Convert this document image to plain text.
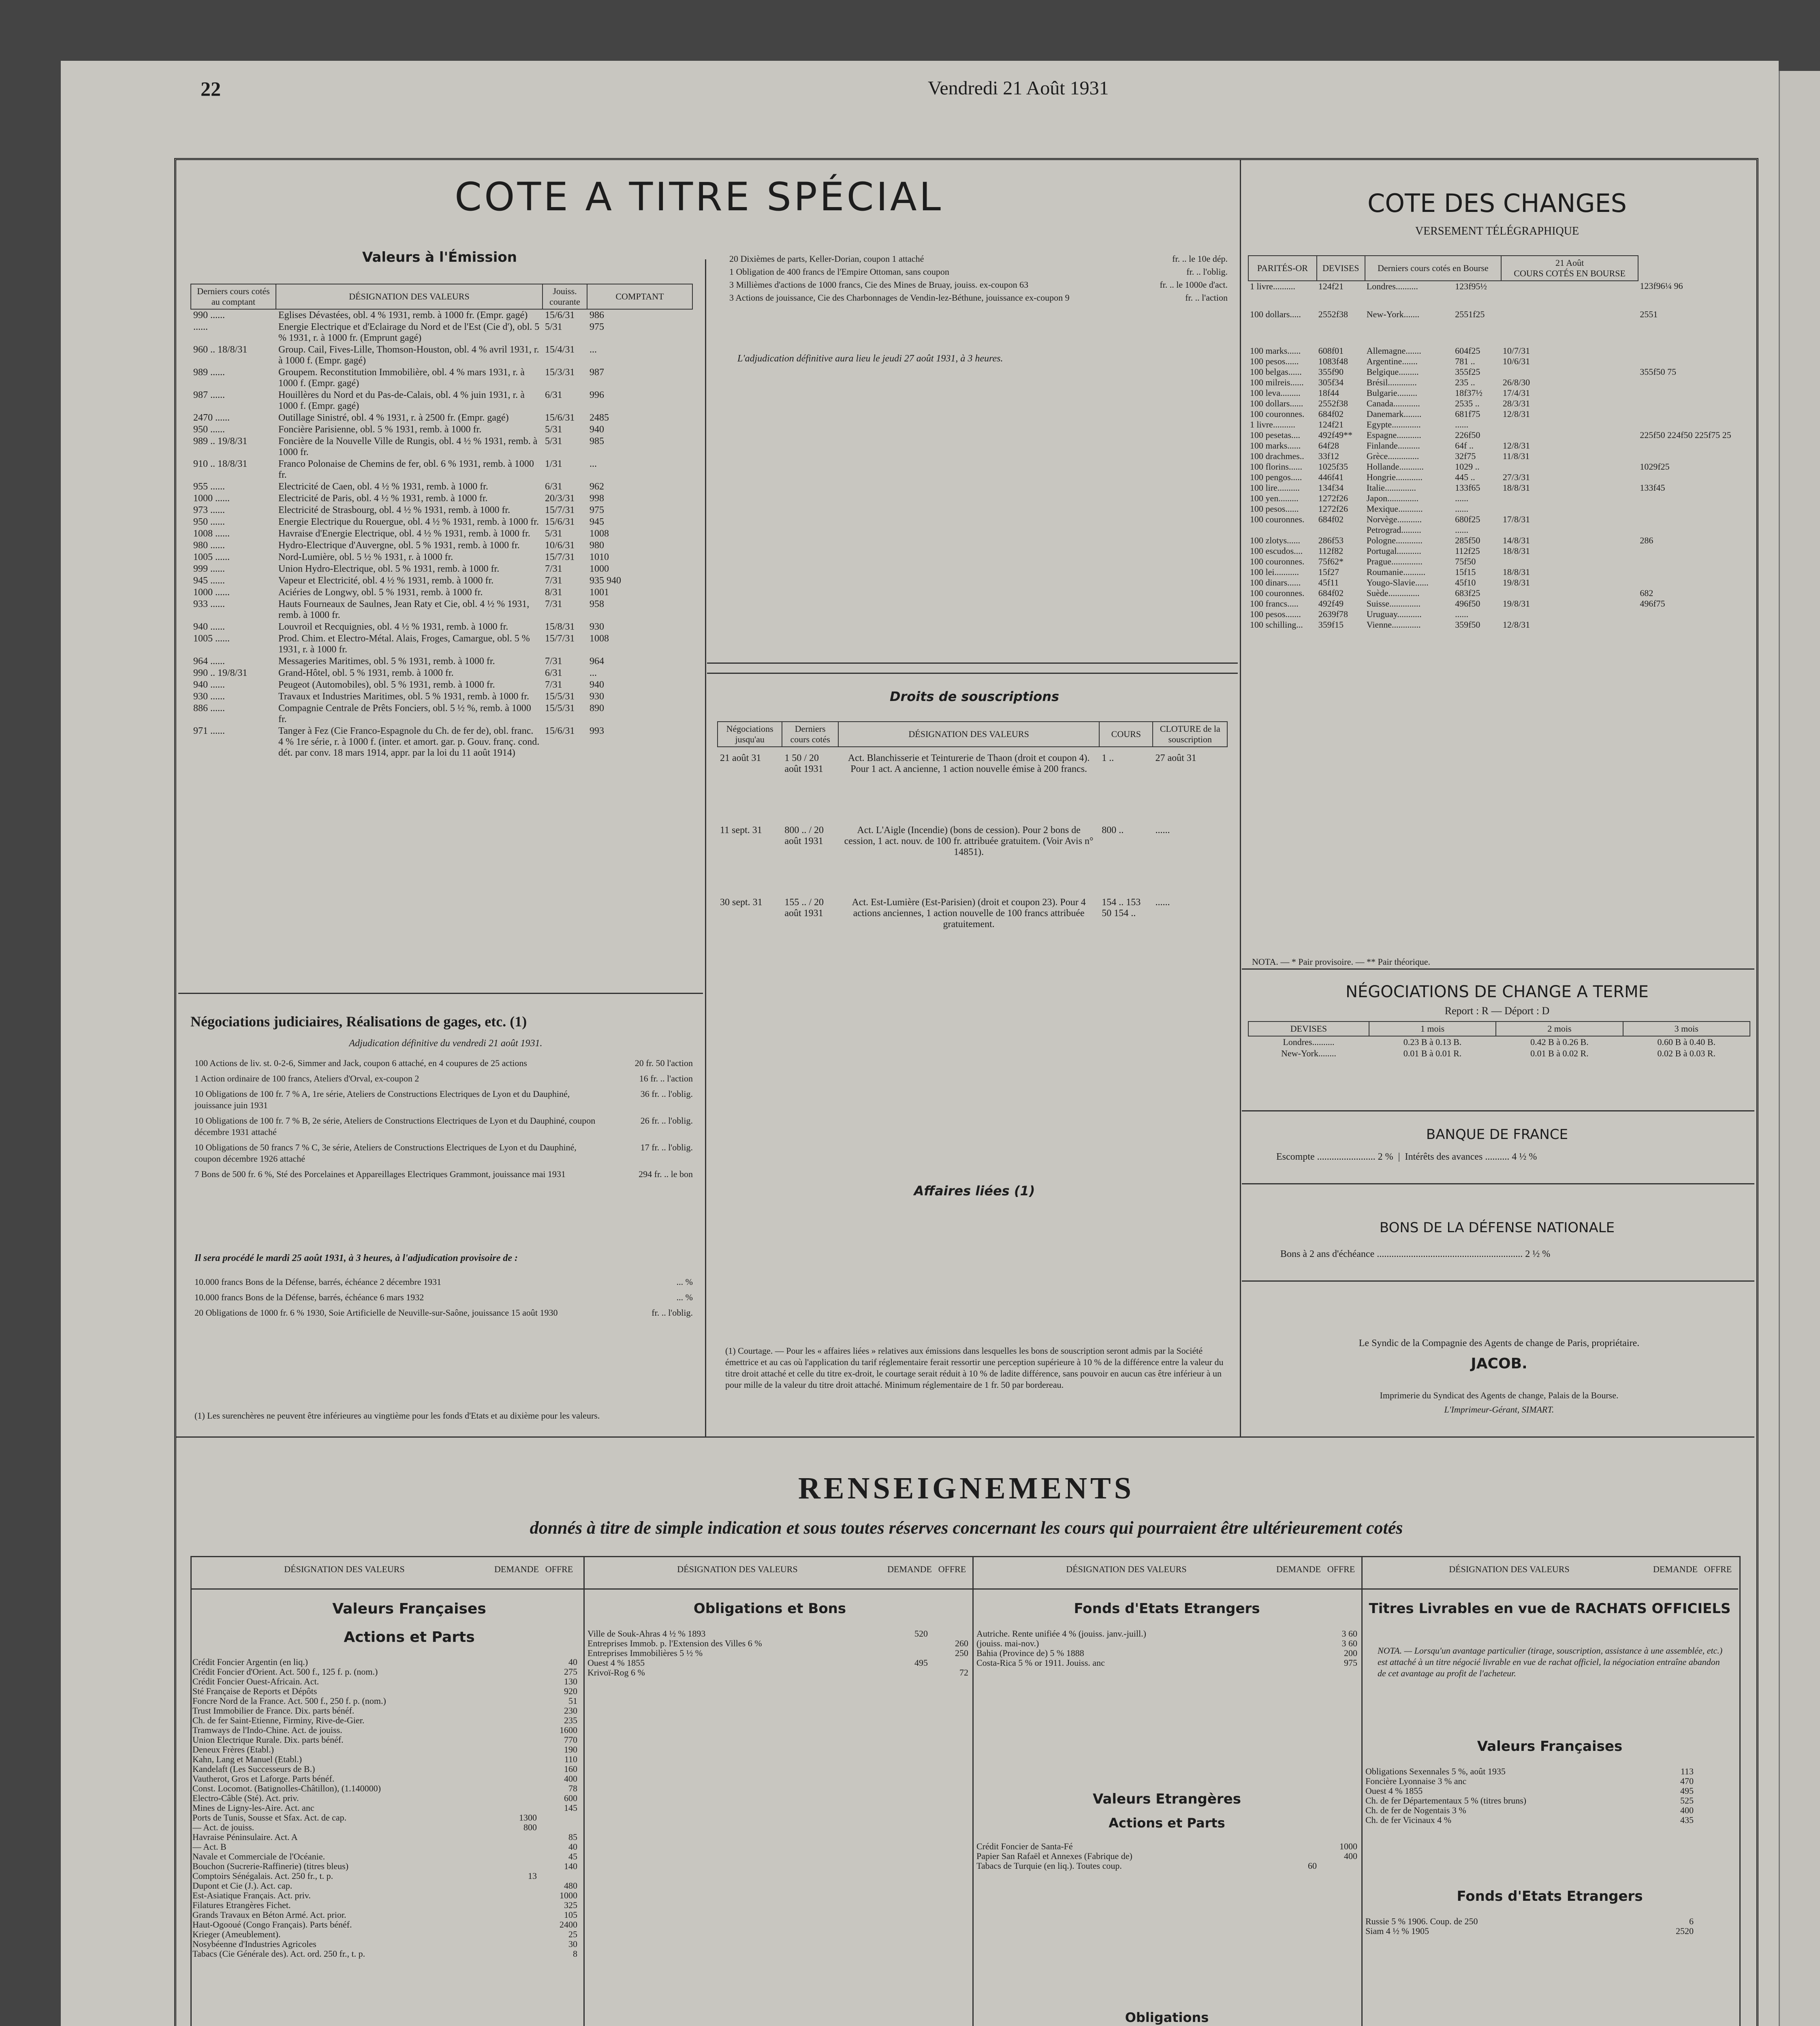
22	Vendredi 21 Août 1931
COTE A TITRE SPÉCIAL
Valeurs à l'Émission
Derniers cours cotés au comptant	DÉSIGNATION DES VALEURS	Jouiss. courante	COMPTANT
990 ......	Eglises Dévastées, obl. 4 % 1931, remb. à 1000 fr. (Empr. gagé)	15/6/31	986
......	Energie Electrique et d'Eclairage du Nord et de l'Est (Cie d'), obl. 5 % 1931, r. à 1000 fr. (Emprunt gagé)	5/31	975
960 .. 18/8/31	Group. Cail, Fives-Lille, Thomson-Houston, obl. 4 % avril 1931, r. à 1000 f. (Empr. gagé)	15/4/31	...
989 ......	Groupem. Reconstitution Immobilière, obl. 4 % mars 1931, r. à 1000 f. (Empr. gagé)	15/3/31	987
987 ......	Houillères du Nord et du Pas-de-Calais, obl. 4 % juin 1931, r. à 1000 f. (Empr. gagé)	6/31	996
2470 ......	Outillage Sinistré, obl. 4 % 1931, r. à 2500 fr. (Empr. gagé)	15/6/31	2485
950 ......	Foncière Parisienne, obl. 5 % 1931, remb. à 1000 fr.	5/31	940
989 .. 19/8/31	Foncière de la Nouvelle Ville de Rungis, obl. 4 ½ % 1931, remb. à 1000 fr.	5/31	985
910 .. 18/8/31	Franco Polonaise de Chemins de fer, obl. 6 % 1931, remb. à 1000 fr.	1/31	...
955 ......	Electricité de Caen, obl. 4 ½ % 1931, remb. à 1000 fr.	6/31	962
1000 ......	Electricité de Paris, obl. 4 ½ % 1931, remb. à 1000 fr.	20/3/31	998
973 ......	Electricité de Strasbourg, obl. 4 ½ % 1931, remb. à 1000 fr.	15/7/31	975
950 ......	Energie Electrique du Rouergue, obl. 4 ½ % 1931, remb. à 1000 fr.	15/6/31	945
1008 ......	Havraise d'Energie Electrique, obl. 4 ½ % 1931, remb. à 1000 fr.	5/31	1008
980 ......	Hydro-Electrique d'Auvergne, obl. 5 % 1931, remb. à 1000 fr.	10/6/31	980
1005 ......	Nord-Lumière, obl. 5 ½ % 1931, r. à 1000 fr.	15/7/31	1010
999 ......	Union Hydro-Electrique, obl. 5 % 1931, remb. à 1000 fr.	7/31	1000
945 ......	Vapeur et Electricité, obl. 4 ½ % 1931, remb. à 1000 fr.	7/31	935 940
1000 ......	Aciéries de Longwy, obl. 5 % 1931, remb. à 1000 fr.	8/31	1001
933 ......	Hauts Fourneaux de Saulnes, Jean Raty et Cie, obl. 4 ½ % 1931, remb. à 1000 fr.	7/31	958
940 ......	Louvroil et Recquignies, obl. 4 ½ % 1931, remb. à 1000 fr.	15/8/31	930
1005 ......	Prod. Chim. et Electro-Métal. Alais, Froges, Camargue, obl. 5 % 1931, r. à 1000 fr.	15/7/31	1008
964 ......	Messageries Maritimes, obl. 5 % 1931, remb. à 1000 fr.	7/31	964
990 .. 19/8/31	Grand-Hôtel, obl. 5 % 1931, remb. à 1000 fr.	6/31	...
940 ......	Peugeot (Automobiles), obl. 5 % 1931, remb. à 1000 fr.	7/31	940
930 ......	Travaux et Industries Maritimes, obl. 5 % 1931, remb. à 1000 fr.	15/5/31	930
886 ......	Compagnie Centrale de Prêts Fonciers, obl. 5 ½ %, remb. à 1000 fr.	15/5/31	890
971 ......	Tanger à Fez (Cie Franco-Espagnole du Ch. de fer de), obl. franc. 4 % 1re série, r. à 1000 f. (inter. et amort. gar. p. Gouv. franç. cond. dét. par conv. 18 mars 1914, appr. par la loi du 11 août 1914)	15/6/31	993
20 Dixièmes de parts, Keller-Dorian, coupon 1 attaché	fr. .. le 10e dép.
1 Obligation de 400 francs de l'Empire Ottoman, sans coupon	fr. .. l'oblig.
3 Millièmes d'actions de 1000 francs, Cie des Mines de Bruay, jouiss. ex-coupon 63	fr. .. le 1000e d'act.
3 Actions de jouissance, Cie des Charbonnages de Vendin-lez-Béthune, jouissance ex-coupon 9	fr. .. l'action
L'adjudication définitive aura lieu le jeudi 27 août 1931, à 3 heures.
Négociations judiciaires, Réalisations de gages, etc. (1)
Adjudication définitive du vendredi 21 août 1931.
100 Actions de liv. st. 0-2-6, Simmer and Jack, coupon 6 attaché, en 4 coupures de 25 actions	20 fr. 50 l'action
1 Action ordinaire de 100 francs, Ateliers d'Orval, ex-coupon 2	16 fr. .. l'action
10 Obligations de 100 fr. 7 % A, 1re série, Ateliers de Constructions Electriques de Lyon et du Dauphiné, jouissance juin 1931
36 fr. .. l'oblig.
10 Obligations de 100 fr. 7 % B, 2e série, Ateliers de Constructions Electriques de Lyon et du Dauphiné, coupon décembre 1931 attaché
26 fr. .. l'oblig.
10 Obligations de 50 francs 7 % C, 3e série, Ateliers de Constructions Electriques de Lyon et du Dauphiné, coupon décembre 1926 attaché
17 fr. .. l'oblig.
7 Bons de 500 fr. 6 %, Sté des Porcelaines et Appareillages Electriques Grammont, jouissance mai 1931	294 fr. .. le bon
Il sera procédé le mardi 25 août 1931, à 3 heures, à l'adjudication provisoire de :
10.000 francs Bons de la Défense, barrés, échéance 2 décembre 1931	... %
10.000 francs Bons de la Défense, barrés, échéance 6 mars 1932	... %
20 Obligations de 1000 fr. 6 % 1930, Soie Artificielle de Neuville-sur-Saône, jouissance 15 août 1930	fr. .. l'oblig.
(1) Les surenchères ne peuvent être inférieures au vingtième pour les fonds d'Etats et au dixième pour les valeurs.
Droits de souscriptions
Négociations jusqu'au	Derniers cours cotés	DÉSIGNATION DES VALEURS	COURS	CLOTURE de la souscription
21 août 31	1 50 / 20 août 1931	Act. Blanchisserie et Teinturerie de Thaon (droit et coupon 4). Pour 1 act. A ancienne, 1 action nouvelle émise à 200 francs.	1 ..	27 août 31
11 sept. 31	800 .. / 20 août 1931	Act. L'Aigle (Incendie) (bons de cession). Pour 2 bons de cession, 1 act. nouv. de 100 fr. attribuée gratuitem. (Voir Avis n° 14851).	800 ..	......
30 sept. 31	155 .. / 20 août 1931	Act. Est-Lumière (Est-Parisien) (droit et coupon 23). Pour 4 actions anciennes, 1 action nouvelle de 100 francs attribuée gratuitement.	154 .. 153 50 154 ..	......
Affaires liées (1)
(1) Courtage. — Pour les « affaires liées » relatives aux émissions dans lesquelles les bons de souscription seront admis par la Société émettrice et au cas où l'application du tarif réglementaire ferait ressortir une perception supérieure à 10 % de la différence entre la valeur du titre droit attaché et celle du titre ex-droit, le courtage serait réduit à 10 % de ladite différence, sans pouvoir en aucun cas être inférieur à un pour mille de la valeur du titre droit attaché. Minimum réglementaire de 1 fr. 50 par bordereau.
COTE DES CHANGES
VERSEMENT TÉLÉGRAPHIQUE
PARITÉS-OR	DEVISES	Derniers cours cotés en Bourse		21 Août
COURS COTÉS EN BOURSE	

1 livre..........	124f21	Londres..........	123f95½		123f96¼ 96
100 dollars.....	2552f38	New-York.......	2551f25		2551
100 marks......	608f01	Allemagne.......	604f25	10/7/31	
100 pesos......	1083f48	Argentine.......	781 ..	10/6/31	
100 belgas......	355f90	Belgique.........	355f25		355f50 75
100 milreis......	305f34	Brésil.............	235 ..	26/8/30	
100 leva.........	18f44	Bulgarie.........	18f37½	17/4/31	
100 dollars......	2552f38	Canada............	2535 ..	28/3/31	
100 couronnes.	684f02	Danemark........	681f75	12/8/31	
1 livre..........	124f21	Egypte.............	......		
100 pesetas....	492f49**	Espagne...........	226f50		225f50 224f50 225f75 25
100 marks......	64f28	Finlande..........	64f ..	12/8/31	
100 drachmes..	33f12	Grèce..............	32f75	11/8/31	
100 florins......	1025f35	Hollande...........	1029 ..		1029f25
100 pengos.....	446f41	Hongrie............	445 ..	27/3/31	
100 lire..........	134f34	Italie..............	133f65	18/8/31	133f45
100 yen.........	1272f26	Japon..............	......		
100 pesos......	1272f26	Mexique...........	......		
100 couronnes.	684f02	Norvège...........	680f25	17/8/31	
		Petrograd.........	......		
100 zlotys......	286f53	Pologne............	285f50	14/8/31	286
100 escudos....	112f82	Portugal...........	112f25	18/8/31	
100 couronnes.	75f62*	Prague..............	75f50		
100 lei...........	15f27	Roumanie..........	15f15	18/8/31	
100 dinars......	45f11	Yougo-Slavie......	45f10	19/8/31	
100 couronnes.	684f02	Suède..............	683f25		682
100 francs.....	492f49	Suisse..............	496f50	19/8/31	496f75
100 pesos.......	2639f78	Uruguay...........	......		
100 schilling...	359f15	Vienne.............	359f50	12/8/31	
NOTA. — * Pair provisoire. — ** Pair théorique.
NÉGOCIATIONS DE CHANGE A TERME
Report : R — Déport : D
DEVISES	1 mois	2 mois	3 mois
Londres..........	0.23 B à 0.13 B.	0.42 B à 0.26 B.	0.60 B à 0.40 B.
New-York........	0.01 B à 0.01 R.	0.01 B à 0.02 R.	0.02 B à 0.03 R.
BANQUE DE FRANCE
Escompte ........................ 2 %  |  Intérêts des avances .......... 4 ½ %
BONS DE LA DÉFENSE NATIONALE
Bons à 2 ans d'échéance ............................................................ 2 ½ %
Le Syndic de la Compagnie des Agents de change de Paris, propriétaire.
JACOB.
Imprimerie du Syndicat des Agents de change, Palais de la Bourse.
L'Imprimeur-Gérant, SIMART.
RENSEIGNEMENTS
donnés à titre de simple indication et sous toutes réserves concernant les cours qui pourraient être ultérieurement cotés
DÉSIGNATION DES VALEURS	DEMANDE OFFRE	DÉSIGNATION DES VALEURS	DEMANDE OFFRE	DÉSIGNATION DES VALEURS	DEMANDE OFFRE	DÉSIGNATION DES VALEURS	DEMANDE OFFRE
Valeurs Françaises
Actions et Parts
Crédit Foncier Argentin (en liq.)	40
Crédit Foncier d'Orient. Act. 500 f., 125 f. p. (nom.)	275
Crédit Foncier Ouest-Africain. Act.	130
Sté Française de Reports et Dépôts	920
Foncre Nord de la France. Act. 500 f., 250 f. p. (nom.)	51
Trust Immobilier de France. Dix. parts bénéf.	230
Ch. de fer Saint-Etienne, Firminy, Rive-de-Gier.	235
Tramways de l'Indo-Chine. Act. de jouiss.	1600
Union Electrique Rurale. Dix. parts bénéf.	770
Deneux Frères (Etabl.)	190
Kahn, Lang et Manuel (Etabl.)	110
Kandelaft (Les Successeurs de B.)	160
Vautherot, Gros et Laforge. Parts bénéf.	400
Const. Locomot. (Batignolles-Châtillon), (1.140000)	78
Electro-Câble (Sté). Act. priv.	600
Mines de Ligny-les-Aire. Act. anc	145
Ports de Tunis, Sousse et Sfax. Act. de cap.	1300
— Act. de jouiss.	800
Havraise Péninsulaire. Act. A	85
— Act. B	40
Navale et Commerciale de l'Océanie.	45
Bouchon (Sucrerie-Raffinerie) (titres bleus)	140
Comptoirs Sénégalais. Act. 250 fr., t. p.	13
Dupont et Cie (J.). Act. cap.	480
Est-Asiatique Français. Act. priv.	1000
Filatures Etrangères Fichet.	325
Grands Travaux en Béton Armé. Act. prior.	105
Haut-Ogooué (Congo Français). Parts bénéf.	2400
Krieger (Ameublement).	25
Nosybéenne d'Industries Agricoles	30
Tabacs (Cie Générale des). Act. ord. 250 fr., t. p.	8
Obligations et Bons
Ville de Souk-Ahras 4 ½ % 1893	520
Entreprises Immob. p. l'Extension des Villes 6 %	260
Entreprises Immobilières 5 ½ %	250
Ouest 4 % 1855	495
Krivoï-Rog 6 %	72
Fonds d'Etats Etrangers
Autriche. Rente unifiée 4 % (jouiss. janv.-juill.)	3 60
(jouiss. mai-nov.)	3 60
Bahia (Province de) 5 % 1888	200
Costa-Rica 5 % or 1911. Jouiss. anc	975
Valeurs Etrangères
Actions et Parts
Crédit Foncier de Santa-Fé	1000
Papier San Rafaël et Annexes (Fabrique de)	400
Tabacs de Turquie (en liq.). Toutes coup.	60
Obligations
Titres Livrables en vue de RACHATS OFFICIELS
NOTA. — Lorsqu'un avantage particulier (tirage, souscription, assistance à une assemblée, etc.) est attaché à un titre négocié livrable en vue de rachat officiel, la négociation entraîne abandon de cet avantage au profit de l'acheteur.
Valeurs Françaises
Obligations Sexennales 5 %, août 1935	113
Foncière Lyonnaise 3 % anc	470
Ouest 4 % 1855	495
Ch. de fer Départementaux 5 % (titres bruns)	525
Ch. de fer de Nogentais 3 %	400
Ch. de fer Vicinaux 4 %	435
Fonds d'Etats Etrangers
Russie 5 % 1906. Coup. de 250	6
Siam 4 ½ % 1905	2520
